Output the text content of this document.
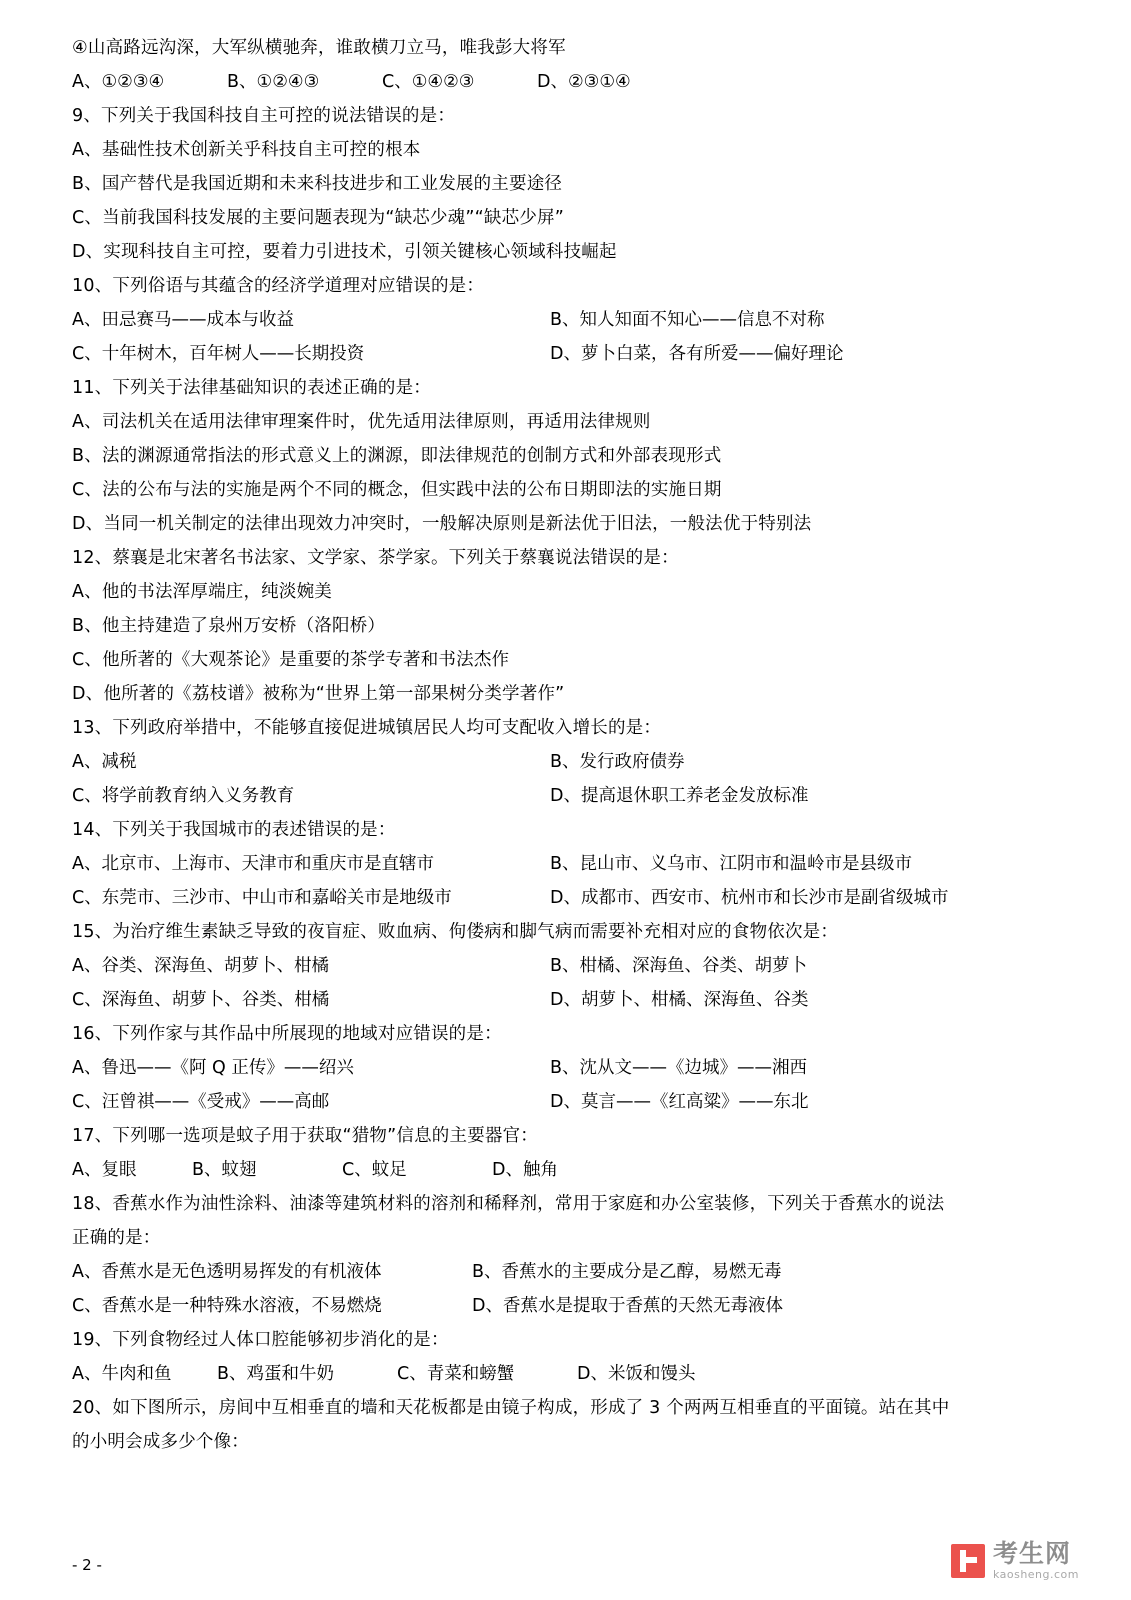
④山高路远沟深，大军纵横驰奔，谁敢横刀立马，唯我彭大将军
A、①②③④	B、①②④③	C、①④②③	D、②③①④
9、下列关于我国科技自主可控的说法错误的是：
A、基础性技术创新关乎科技自主可控的根本
B、国产替代是我国近期和未来科技进步和工业发展的主要途径
C、当前我国科技发展的主要问题表现为“缺芯少魂”“缺芯少屏”
D、实现科技自主可控，要着力引进技术，引领关键核心领域科技崛起
10、下列俗语与其蕴含的经济学道理对应错误的是：
A、田忌赛马——成本与收益	B、知人知面不知心——信息不对称
C、十年树木，百年树人——长期投资	D、萝卜白菜，各有所爱——偏好理论
11、下列关于法律基础知识的表述正确的是：
A、司法机关在适用法律审理案件时，优先适用法律原则，再适用法律规则
B、法的渊源通常指法的形式意义上的渊源，即法律规范的创制方式和外部表现形式
C、法的公布与法的实施是两个不同的概念，但实践中法的公布日期即法的实施日期
D、当同一机关制定的法律出现效力冲突时，一般解决原则是新法优于旧法，一般法优于特别法
12、蔡襄是北宋著名书法家、文学家、茶学家。下列关于蔡襄说法错误的是：
A、他的书法浑厚端庄，纯淡婉美
B、他主持建造了泉州万安桥（洛阳桥）
C、他所著的《大观茶论》是重要的茶学专著和书法杰作
D、他所著的《荔枝谱》被称为“世界上第一部果树分类学著作”
13、下列政府举措中，不能够直接促进城镇居民人均可支配收入增长的是：
A、减税	B、发行政府债券
C、将学前教育纳入义务教育	D、提高退休职工养老金发放标准
14、下列关于我国城市的表述错误的是：
A、北京市、上海市、天津市和重庆市是直辖市	B、昆山市、义乌市、江阴市和温岭市是县级市
C、东莞市、三沙市、中山市和嘉峪关市是地级市	D、成都市、西安市、杭州市和长沙市是副省级城市
15、为治疗维生素缺乏导致的夜盲症、败血病、佝偻病和脚气病而需要补充相对应的食物依次是：
A、谷类、深海鱼、胡萝卜、柑橘	B、柑橘、深海鱼、谷类、胡萝卜
C、深海鱼、胡萝卜、谷类、柑橘	D、胡萝卜、柑橘、深海鱼、谷类
16、下列作家与其作品中所展现的地域对应错误的是：
A、鲁迅——《阿 Q 正传》——绍兴	B、沈从文——《边城》——湘西
C、汪曾祺——《受戒》——高邮	D、莫言——《红高粱》——东北
17、下列哪一选项是蚊子用于获取“猎物”信息的主要器官：
A、复眼	B、蚊翅	C、蚊足	D、触角
18、香蕉水作为油性涂料、油漆等建筑材料的溶剂和稀释剂，常用于家庭和办公室装修，下列关于香蕉水的说法
正确的是：
A、香蕉水是无色透明易挥发的有机液体	B、香蕉水的主要成分是乙醇，易燃无毒
C、香蕉水是一种特殊水溶液，不易燃烧	D、香蕉水是提取于香蕉的天然无毒液体
19、下列食物经过人体口腔能够初步消化的是：
A、牛肉和鱼	B、鸡蛋和牛奶	C、青菜和螃蟹	D、米饭和馒头
20、如下图所示，房间中互相垂直的墙和天花板都是由镜子构成，形成了 3 个两两互相垂直的平面镜。站在其中
的小明会成多少个像：
- 2 -	考生网
kaosheng.com
